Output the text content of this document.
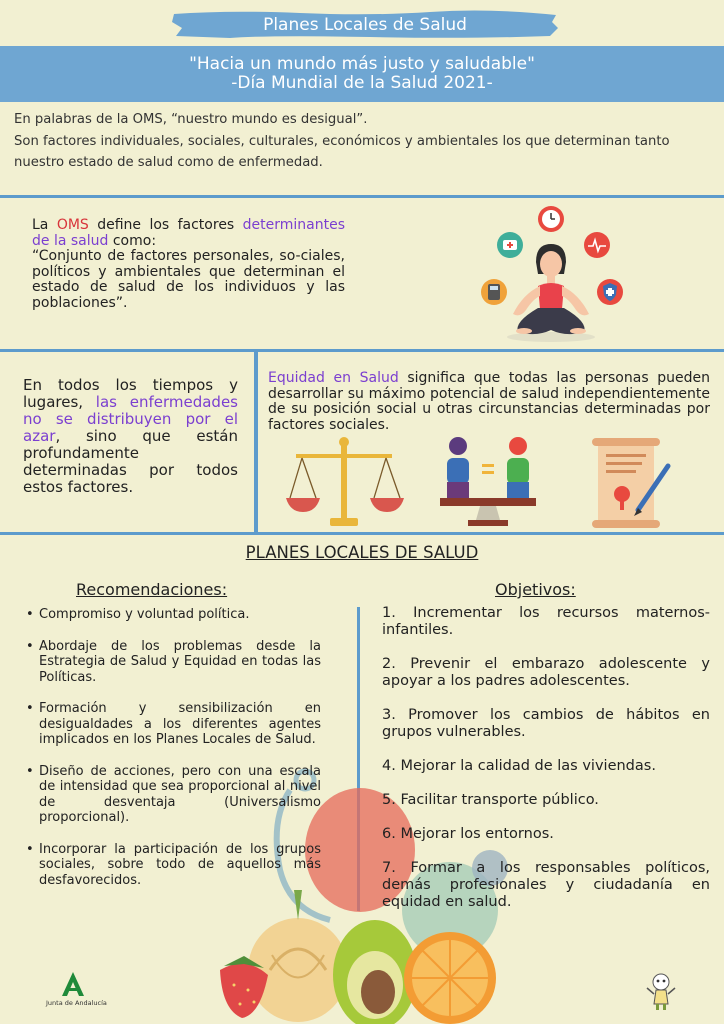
Planes Locales de Salud
"Hacia un mundo más justo y saludable"
-Día Mundial de la Salud 2021-
En palabras de la OMS, “nuestro mundo es desigual”.
Son factores individuales, sociales, culturales, económicos y ambientales los que determinan tanto nuestro estado de salud como de enfermedad.
La OMS define los factores determinantes de la salud como:
“Conjunto de factores personales, so-ciales, políticos y ambientales que determinan el estado de salud de los individuos y las poblaciones”.
En todos los tiempos y lugares, las enfermedades no se distribuyen por el azar, sino que están profundamente determinadas por todos estos factores.
Equidad en Salud significa que todas las personas pueden desarrollar su máximo potencial de salud independientemente de su posición social u otras circunstancias determinadas por factores sociales.
PLANES LOCALES DE SALUD
Recomendaciones:	Objetivos:
• Compromiso y voluntad política.
• Abordaje de los problemas desde la Estrategia de Salud y Equidad en todas las Políticas.
• Formación y sensibilización en desigualdades a los diferentes agentes implicados en los Planes Locales de Salud.
• Diseño de acciones, pero con una escala de intensidad que sea proporcional al nivel de desventaja (Universalismo proporcional).
• Incorporar la participación de los grupos sociales, sobre todo de aquellos más desfavorecidos.
1. Incrementar los recursos maternos-infantiles.
2. Prevenir el embarazo adolescente y apoyar a los padres adolescentes.
3. Promover los cambios de hábitos en grupos vulnerables.
4. Mejorar la calidad de las viviendas.
5. Facilitar transporte público.
6. Mejorar los entornos.
7. Formar a los responsables políticos, demás profesionales y ciudadanía en equidad en salud.
Junta de Andalucía
